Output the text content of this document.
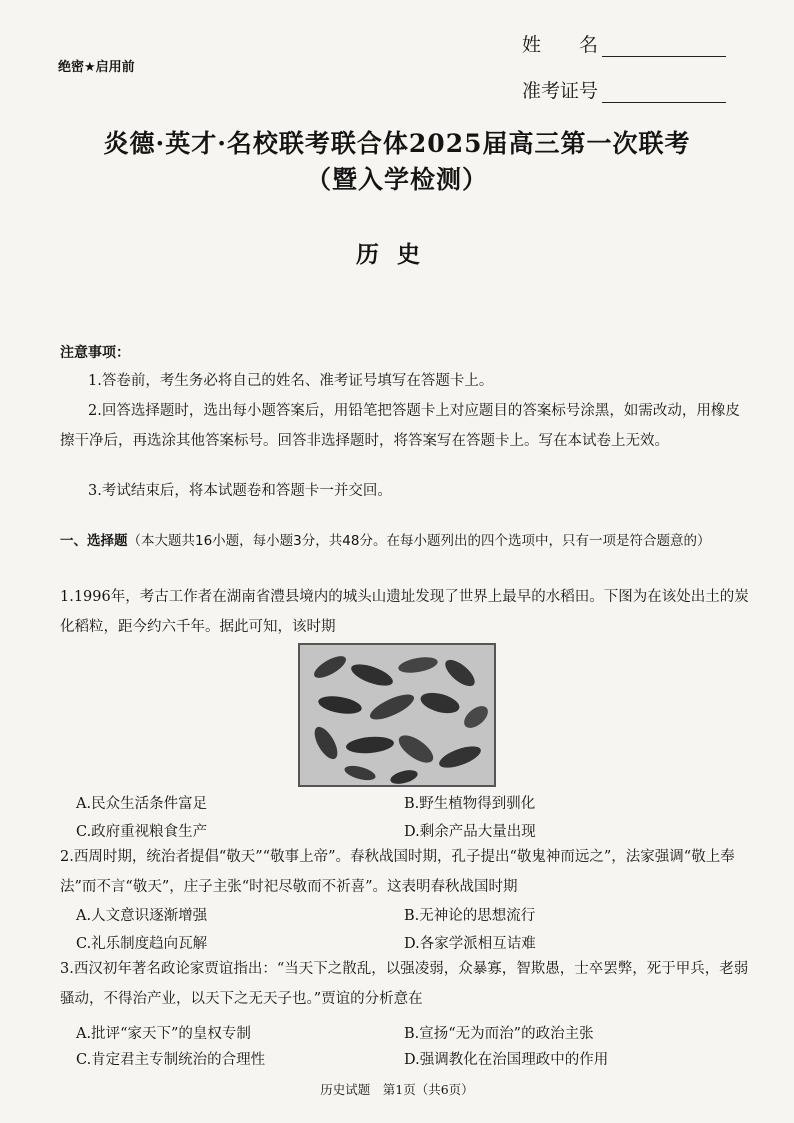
绝密★启用前
姓　　名
准考证号
炎德·英才·名校联考联合体2025届高三第一次联考
（暨入学检测）
历史
注意事项：
1.答卷前，考生务必将自己的姓名、准考证号填写在答题卡上。
2.回答选择题时，选出每小题答案后，用铅笔把答题卡上对应题目的答案标号涂黑，如需改动，用橡皮擦干净后，再选涂其他答案标号。回答非选择题时，将答案写在答题卡上。写在本试卷上无效。
3.考试结束后，将本试题卷和答题卡一并交回。
一、选择题（本大题共16小题，每小题3分，共48分。在每小题列出的四个选项中，只有一项是符合题意的）
1.1996年，考古工作者在湖南省澧县境内的城头山遗址发现了世界上最早的水稻田。下图为在该处出土的炭化稻粒，距今约六千年。据此可知，该时期
A.民众生活条件富足	B.野生植物得到驯化
C.政府重视粮食生产	D.剩余产品大量出现
2.西周时期，统治者提倡“敬天”“敬事上帝”。春秋战国时期，孔子提出“敬鬼神而远之”，法家强调“敬上奉法”而不言“敬天”，庄子主张“时祀尽敬而不祈喜”。这表明春秋战国时期
A.人文意识逐渐增强	B.无神论的思想流行
C.礼乐制度趋向瓦解	D.各家学派相互诘难
3.西汉初年著名政论家贾谊指出：“当天下之散乱，以强凌弱，众暴寡，智欺愚，士卒罢弊，死于甲兵，老弱骚动，不得治产业，以天下之无天子也。”贾谊的分析意在
A.批评“家天下”的皇权专制	B.宣扬“无为而治”的政治主张
历史试题　第1页（共6页）
C.肯定君主专制统治的合理性	D.强调教化在治国理政中的作用
